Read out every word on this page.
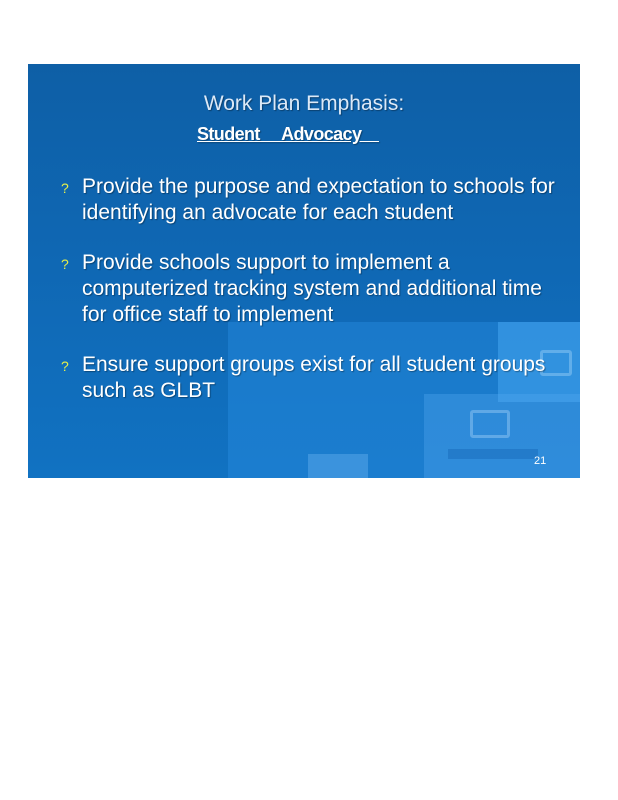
Work Plan Emphasis:
Student     Advocacy
? Provide the purpose and expectation to schools for identifying an advocate for each student
? Provide schools support to implement a computerized tracking system and additional time for office staff to implement
? Ensure support groups exist for all student groups such as GLBT
21
